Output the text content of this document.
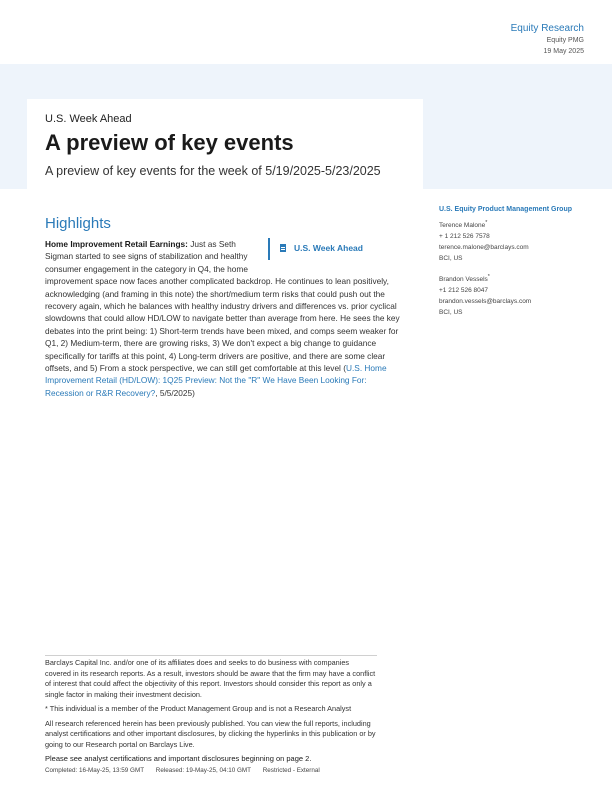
Equity Research
Equity PMG
19 May 2025
U.S. Week Ahead
A preview of key events
A preview of key events for the week of 5/19/2025-5/23/2025
Highlights

U.S. Week Ahead
Home Improvement Retail Earnings: Just as Seth Sigman started to see signs of stabilization and healthy consumer engagement in the category in Q4, the home improvement space now faces another complicated backdrop. He continues to lean positively, acknowledging (and framing in this note) the short/medium term risks that could push out the recovery again, which he balances with healthy industry drivers and differences vs. prior cyclical slowdowns that could allow HD/LOW to navigate better than average from here. He sees the key debates into the print being: 1) Short-term trends have been mixed, and comps seem weaker for Q1, 2) Medium-term, there are growing risks, 3) We don't expect a big change to guidance specifically for tariffs at this point, 4) Long-term drivers are positive, and there are some clear offsets, and 5) From a stock perspective, we can still get comfortable at this level (U.S. Home Improvement Retail (HD/LOW): 1Q25 Preview: Not the "R" We Have Been Looking For: Recession or R&R Recovery?, 5/5/2025)

U.S. Equity Product Management Group
Terence Malone*
+ 1 212 526 7578
terence.malone@barclays.com
BCI, US
Brandon Vessels*
+1 212 526 8047
brandon.vessels@barclays.com
BCI, US

Barclays Capital Inc. and/or one of its affiliates does and seeks to do business with companies covered in its research reports. As a result, investors should be aware that the firm may have a conflict of interest that could affect the objectivity of this report. Investors should consider this report as only a single factor in making their investment decision.

* This individual is a member of the Product Management Group and is not a Research Analyst

All research referenced herein has been previously published. You can view the full reports, including analyst certifications and other important disclosures, by clicking the hyperlinks in this publication or by going to our Research portal on Barclays Live.

Please see analyst certifications and important disclosures beginning on page 2.

Completed: 16-May-25, 13:59 GMT Released: 19-May-25, 04:10 GMT Restricted - External
